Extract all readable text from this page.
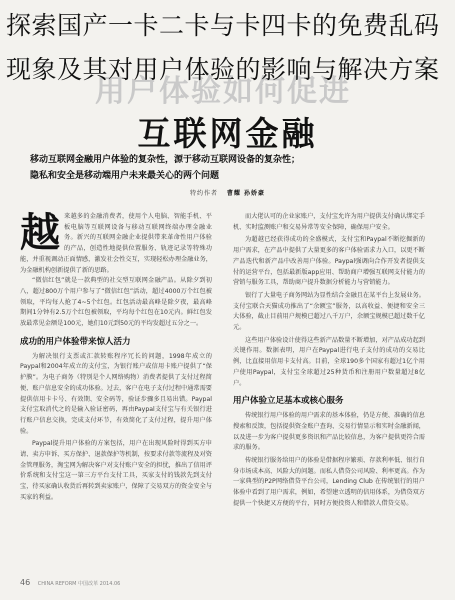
用户体验如何促进
互联网金融
移动互联网金融用户体验的复杂性，源于移动互联网设备的复杂性；
隐私和安全是移动端用户未来最关心的两个问题
特约作者 曹耀 孙娇豪
越 来越多的金融消费者，使用个人电脑、智能手机、平板电脑等互联网设备与移动互联网终端办理金融业务。新兴的互联网金融企业提供带来革命性用户体验的产品，创造性地提供位置服务、轨迹记录等特殊功能，并重视调动正面情感，激发社会性交互，实现轻松办理金融业务，为金融机构创新提供了新的思路。

“微信红包”就是一款典型的社交型互联网金融产品。从除夕到初八，超过800万个用户参与了“微信红包”活动，超过4000万个红包被领取，平均每人抢了4~5个红包。红包活动最高峰是除夕夜，最高峰期间1分钟有2.5万个红包被领取，平均每个红包在10元内。鲜红包发放最常见金额是100元，她们10元到50元的平均发超过五分之一。

成功的用户体验带来惊人活力

为解决银行支票或汇款转账程序冗长的问题，1998年成立的Paypal和2004年成立的支付宝，为银行账户或信用卡账户提供了“保护膜”。为电子商务（特别是个人网络购物）消费者提供了支付过程简便、账户信息安全的成功体验。过去，客户在电子支付过程中通常需要提供信用卡卡号、有效期、安全码等，验证步骤多且易出错。Paypal支付宝取消代之的是输入验证密码，再由Paypal支付宝与有关银行进行账户信息交换，完成支付环节，有效简化了支付过程，提升用户体验。

Paypal提升用户体验的方案包括，用户在出现风险时得到买方申请、卖方申诉、买方保护、退款保护等机制，按要求付款等流程及对资金管理服务，淘宝网为解决客户对支付账户安全的担忧，推出了信用评价系统和支付宝这一第三方平台支付工具，买家支付的钱款先到支付宝，待买家确认收货后再转到卖家账户，保障了交易双方的资金安全与买家的利益。

而大佬认可的企业家账户，支付宝允许为用户提供支付确认绑定手机、实时监测账户和交易异常等安全保障，确保用户安全。

为超越已经获得成功的全盛模式，支付宝和Paypal不断挖掘新的用户需求，在产品中提供了大量更多的客户体验需求力入口，以更不断产品迭代和新产品中改善用户体验。Paypal强调向合作开发者提供支付的运营平台，包括最新版app应用、帮助商户增强互联网支付能力的营销与服务工具，帮助商户提升数据分析能力与营销能力。

银行了大量电子商务网站为显性结合金融且在某平台上发展业务。支付宝联合天猫成功推出了“余额宝”服务，以高收益、便捷和安全三大体验，截止目前用户规模已超过八千万户，余额宝规模已超过数千亿元。

这些用户体验设计使得这些新产品数量不断增加，对产品成功起到关键作用。数据表明，用户在Paypal进行电子支付的成功的交易比例，比直接用信用卡支付高。目前，全球190多个国家有超过1亿个用户使用Paypal，支付宝全球超过25种货币和注册用户数量超过8亿户。

用户体验立足基本或核心服务

传统银行用户体验的用户需求的基本体验，仍是方便、准确的信息搜索和反馈，包括提供资金账户查询、交易行情显示和实时金融新闻，以及进一步为客户提供更多资讯和产品比较信息，为客户提供更符合需求的服务。

传统银行服务给用户的体验是借据程序繁琐、存款利率低、银行自身市场成本高、风险大的问题。而私人借贷公司风险、利率更高。作为一家典型的P2P网络借贷平台公司，Lending Club 在传统银行的用户体验中看到了用户需求，例如，希望建立透明的信用体系，为借贷双方提供一个快捷又方便的平台，同时方便投资人和借款人借贷交易。

46 CHINA REFORM 中国改革 2014.06
探索国产一卡二卡与卡四卡的免费乱码
现象及其对用户体验的影响与解决方案
